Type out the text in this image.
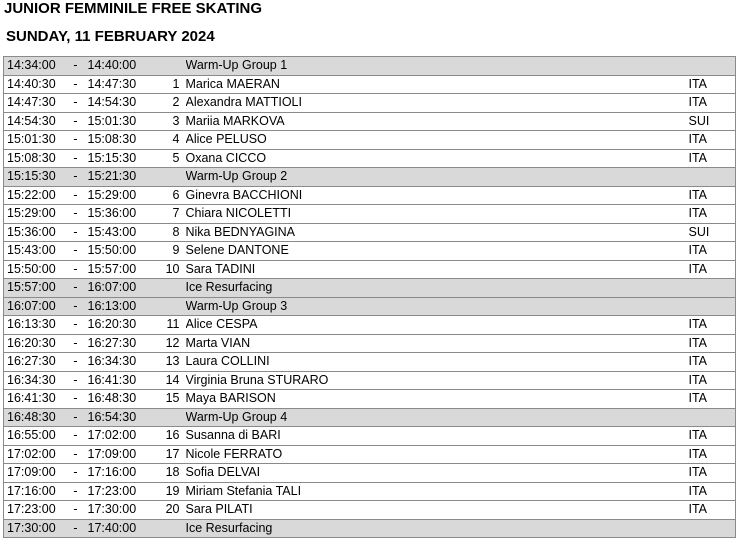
JUNIOR FEMMINILE FREE SKATING
SUNDAY, 11 FEBRUARY 2024
14:34:00	-	14:40:00		Warm-Up Group 1	
14:40:30	-	14:47:30	1	Marica MAERAN	ITA
14:47:30	-	14:54:30	2	Alexandra MATTIOLI	ITA
14:54:30	-	15:01:30	3	Mariia MARKOVA	SUI
15:01:30	-	15:08:30	4	Alice PELUSO	ITA
15:08:30	-	15:15:30	5	Oxana CICCO	ITA
15:15:30	-	15:21:30		Warm-Up Group 2	
15:22:00	-	15:29:00	6	Ginevra BACCHIONI	ITA
15:29:00	-	15:36:00	7	Chiara NICOLETTI	ITA
15:36:00	-	15:43:00	8	Nika BEDNYAGINA	SUI
15:43:00	-	15:50:00	9	Selene DANTONE	ITA
15:50:00	-	15:57:00	10	Sara TADINI	ITA
15:57:00	-	16:07:00		Ice Resurfacing	
16:07:00	-	16:13:00		Warm-Up Group 3	
16:13:30	-	16:20:30	11	Alice CESPA	ITA
16:20:30	-	16:27:30	12	Marta VIAN	ITA
16:27:30	-	16:34:30	13	Laura COLLINI	ITA
16:34:30	-	16:41:30	14	Virginia Bruna STURARO	ITA
16:41:30	-	16:48:30	15	Maya BARISON	ITA
16:48:30	-	16:54:30		Warm-Up Group 4	
16:55:00	-	17:02:00	16	Susanna di BARI	ITA
17:02:00	-	17:09:00	17	Nicole FERRATO	ITA
17:09:00	-	17:16:00	18	Sofia DELVAI	ITA
17:16:00	-	17:23:00	19	Miriam Stefania TALI	ITA
17:23:00	-	17:30:00	20	Sara PILATI	ITA
17:30:00	-	17:40:00		Ice Resurfacing	
